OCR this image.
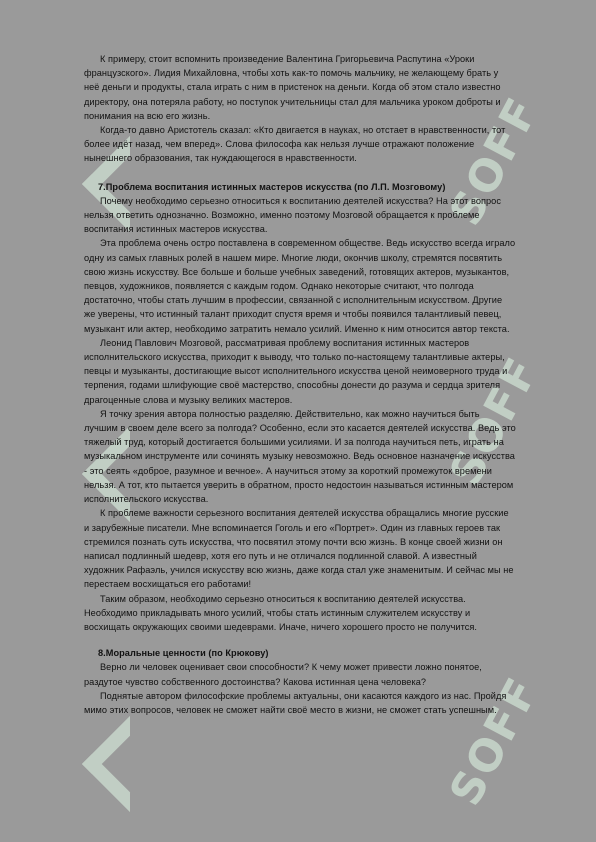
SOFF
SOFF
SOFF

К примеру, стоит вспомнить произведение Валентина Григорьевича Распутина «Уроки французского». Лидия Михайловна, чтобы хоть как-то помочь мальчику, не желающему брать у неё деньги и продукты, стала играть с ним в пристенок на деньги. Когда об этом стало известно директору, она потеряла работу, но поступок учительницы стал для мальчика уроком доброты и понимания на всю его жизнь.

Когда-то давно Аристотель сказал: «Кто двигается в науках, но отстает в нравственности, тот более идёт назад, чем вперед». Слова философа как нельзя лучше отражают положение нынешнего образования, так нуждающегося в нравственности.

7.Проблема воспитания истинных мастеров искусства (по Л.П. Мозговому)

Почему необходимо серьезно относиться к воспитанию деятелей искусства? На этот вопрос нельзя ответить однозначно. Возможно, именно поэтому Мозговой обращается к проблеме воспитания истинных мастеров искусства.

Эта проблема очень остро поставлена в современном обществе. Ведь искусство всегда играло одну из самых главных ролей в нашем мире. Многие люди, окончив школу, стремятся посвятить свою жизнь искусству. Все больше и больше учебных заведений, готовящих актеров, музыкантов, певцов, художников, появляется с каждым годом. Однако некоторые считают, что полгода достаточно, чтобы стать лучшим в профессии, связанной с исполнительным искусством. Другие же уверены, что истинный талант приходит спустя время и чтобы появился талантливый певец, музыкант или актер, необходимо затратить немало усилий. Именно к ним относится автор текста.

Леонид Павлович Мозговой, рассматривая проблему воспитания истинных мастеров исполнительского искусства, приходит к выводу, что только по-настоящему талантливые актеры, певцы и музыканты, достигающие высот исполнительного искусства ценой неимоверного труда и терпения, годами шлифующие своё мастерство, способны донести до разума и сердца зрителя драгоценные слова и музыку великих мастеров.

Я точку зрения автора полностью разделяю. Действительно, как можно научиться быть лучшим в своем деле всего за полгода? Особенно, если это касается деятелей искусства. Ведь это тяжелый труд, который достигается большими усилиями. И за полгода научиться петь, играть на музыкальном инструменте или сочинять музыку невозможно. Ведь основное назначение искусства - это сеять «доброе, разумное и вечное». А научиться этому за короткий промежуток времени нельзя. А тот, кто пытается уверить в обратном, просто недостоин называться истинным мастером исполнительского искусства.

К проблеме важности серьезного воспитания деятелей искусства обращались многие русские и зарубежные писатели. Мне вспоминается Гоголь и его «Портрет». Один из главных героев так стремился познать суть искусства, что посвятил этому почти всю жизнь. В конце своей жизни он написал подлинный шедевр, хотя его путь и не отличался подлинной славой. А известный художник Рафаэль, учился искусству всю жизнь, даже когда стал уже знаменитым. И сейчас мы не перестаем восхищаться его работами!

Таким образом, необходимо серьезно относиться к воспитанию деятелей искусства. Необходимо прикладывать много усилий, чтобы стать истинным служителем искусству и восхищать окружающих своими шедеврами. Иначе, ничего хорошего просто не получится.

8.Моральные ценности (по Крюкову)

Верно ли человек оценивает свои способности? К чему может привести ложно понятое, раздутое чувство собственного достоинства? Какова истинная цена человека?

Поднятые автором философские проблемы актуальны, они касаются каждого из нас. Пройдя мимо этих вопросов, человек не сможет найти своё место в жизни, не сможет стать успешным.
